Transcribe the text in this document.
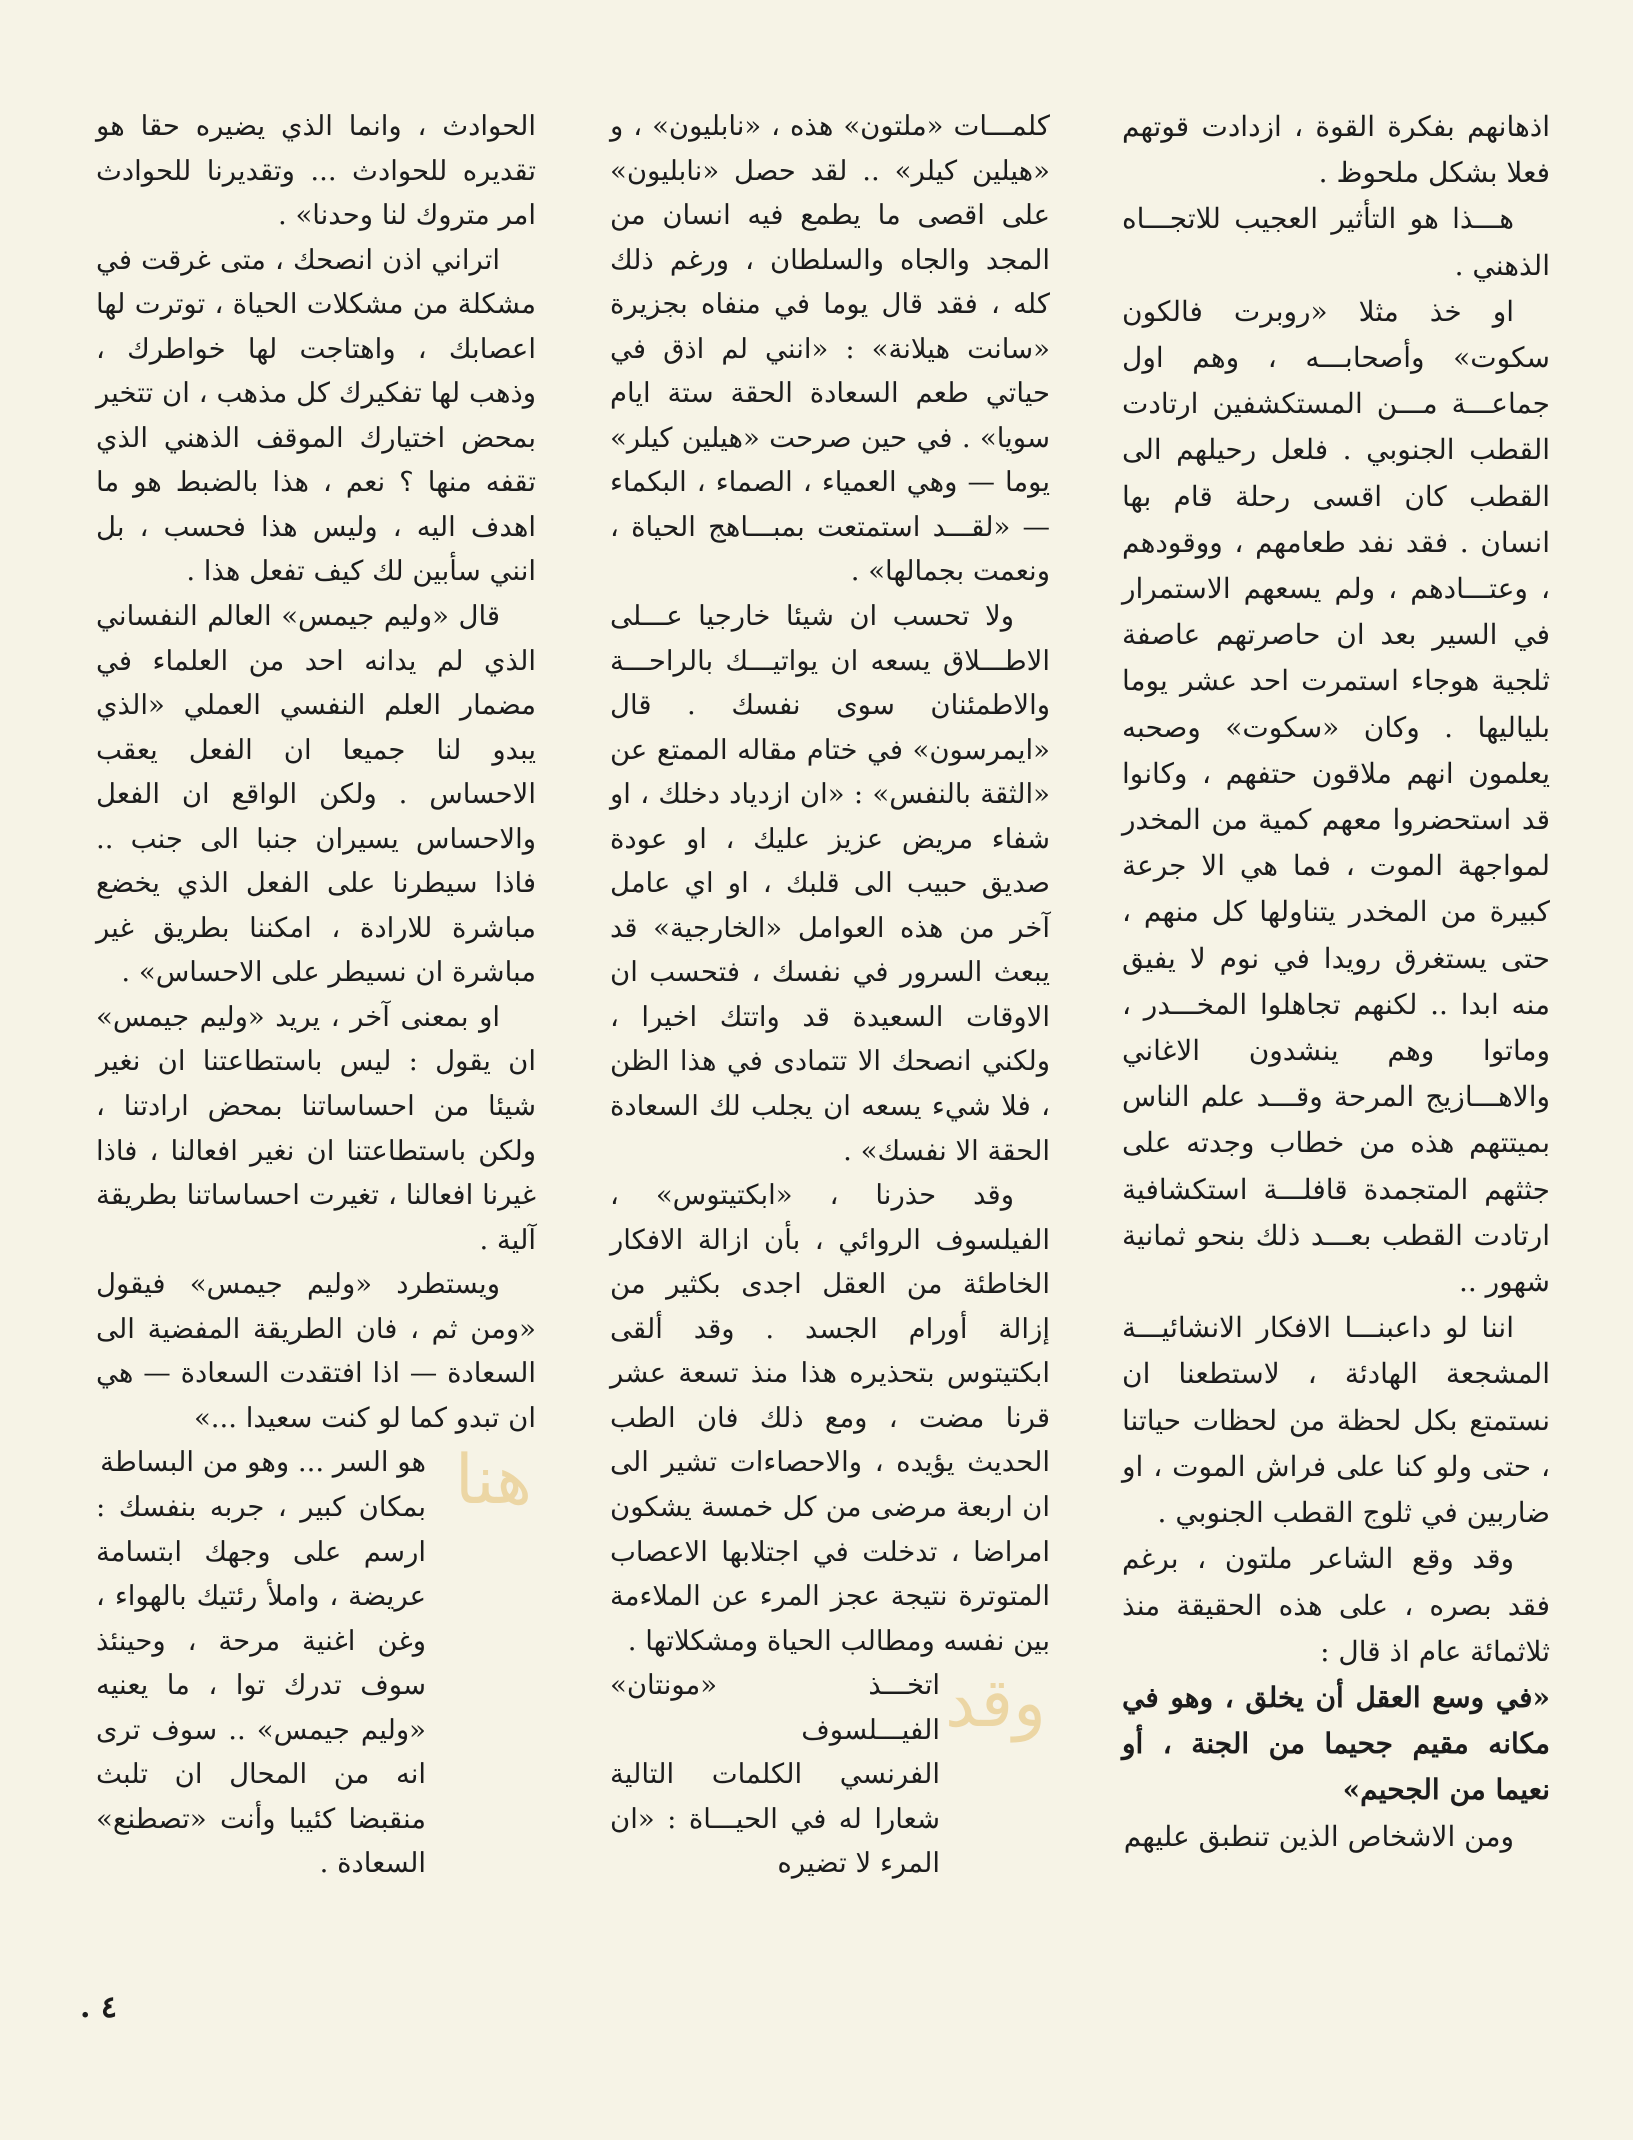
اذهانهم بفكرة القوة ، ازدادت قوتهم فعلا بشكل ملحوظ .

هـــذا هو التأثير العجيب للاتجـــاه الذهني .

او خذ مثلا «روبرت فالكون سكوت» وأصحابـــه ، وهم اول جماعـــة مـــن المستكشفين ارتادت القطب الجنوبي . فلعل رحيلهم الى القطب كان اقسى رحلة قام بها انسان . فقد نفد طعامهم ، ووقودهم ، وعتـــادهم ، ولم يسعهم الاستمرار في السير بعد ان حاصرتهم عاصفة ثلجية هوجاء استمرت احد عشر يوما بلياليها . وكان «سكوت» وصحبه يعلمون انهم ملاقون حتفهم ، وكانوا قد استحضروا معهم كمية من المخدر لمواجهة الموت ، فما هي الا جرعة كبيرة من المخدر يتناولها كل منهم ، حتى يستغرق رويدا في نوم لا يفيق منه ابدا .. لكنهم تجاهلوا المخـــدر ، وماتوا وهم ينشدون الاغاني والاهـــازيج المرحة وقـــد علم الناس بميتتهم هذه من خطاب وجدته على جثثهم المتجمدة قافلـــة استكشافية ارتادت القطب بعـــد ذلك بنحو ثمانية شهور ..

اننا لو داعبنـــا الافكار الانشائيـــة المشجعة الهادئة ، لاستطعنا ان نستمتع بكل لحظة من لحظات حياتنا ، حتى ولو كنا على فراش الموت ، او ضاربين في ثلوج القطب الجنوبي .

وقد وقع الشاعر ملتون ، برغم فقد بصره ، على هذه الحقيقة منذ ثلاثمائة عام اذ قال :

«في وسع العقل أن يخلق ، وهو في مكانه مقيم جحيما من الجنة ، أو نعيما من الجحيم»

ومن الاشخاص الذين تنطبق عليهم

كلمـــات «ملتون» هذه ، «نابليون» ، و «هيلين كيلر» .. لقد حصل «نابليون» على اقصى ما يطمع فيه انسان من المجد والجاه والسلطان ، ورغم ذلك كله ، فقد قال يوما في منفاه بجزيرة «سانت هيلانة» : «انني لم اذق في حياتي طعم السعادة الحقة ستة ايام سويا» . في حين صرحت «هيلين كيلر» يوما — وهي العمياء ، الصماء ، البكماء — «لقـــد استمتعت بمبـــاهج الحياة ، ونعمت بجمالها» .

ولا تحسب ان شيئا خارجيا عـــلى الاطـــلاق يسعه ان يواتيـــك بالراحـــة والاطمئنان سوى نفسك . قال «ايمرسون» في ختام مقاله الممتع عن «الثقة بالنفس» : «ان ازدياد دخلك ، او شفاء مريض عزيز عليك ، او عودة صديق حبيب الى قلبك ، او اي عامل آخر من هذه العوامل «الخارجية» قد يبعث السرور في نفسك ، فتحسب ان الاوقات السعيدة قد واتتك اخيرا ، ولكني انصحك الا تتمادى في هذا الظن ، فلا شيء يسعه ان يجلب لك السعادة الحقة الا نفسك» .

وقد حذرنا ، «ابكتيتوس» ، الفيلسوف الروائي ، بأن ازالة الافكار الخاطئة من العقل اجدى بكثير من إزالة أورام الجسد . وقد ألقى ابكتيتوس بتحذيره هذا منذ تسعة عشر قرنا مضت ، ومع ذلك فان الطب الحديث يؤيده ، والاحصاءات تشير الى ان اربعة مرضى من كل خمسة يشكون امراضا ، تدخلت في اجتلابها الاعصاب المتوترة نتيجة عجز المرء عن الملاءمة بين نفسه ومطالب الحياة ومشكلاتها .

وقد

اتخـــذ «مونتان» الفيـــلسوف

الفرنسي الكلمات التالية شعارا له في الحيـــاة : «ان المرء لا تضيره

الحوادث ، وانما الذي يضيره حقا هو تقديره للحوادث ... وتقديرنا للحوادث امر متروك لنا وحدنا» .

اتراني اذن انصحك ، متى غرقت في مشكلة من مشكلات الحياة ، توترت لها اعصابك ، واهتاجت لها خواطرك ، وذهب لها تفكيرك كل مذهب ، ان تتخير بمحض اختيارك الموقف الذهني الذي تقفه منها ؟ نعم ، هذا بالضبط هو ما اهدف اليه ، وليس هذا فحسب ، بل انني سأبين لك كيف تفعل هذا .

قال «وليم جيمس» العالم النفساني الذي لم يدانه احد من العلماء في مضمار العلم النفسي العملي «الذي يبدو لنا جميعا ان الفعل يعقب الاحساس . ولكن الواقع ان الفعل والاحساس يسيران جنبا الى جنب .. فاذا سيطرنا على الفعل الذي يخضع مباشرة للارادة ، امكننا بطريق غير مباشرة ان نسيطر على الاحساس» .

او بمعنى آخر ، يريد «وليم جيمس» ان يقول : ليس باستطاعتنا ان نغير شيئا من احساساتنا بمحض ارادتنا ، ولكن باستطاعتنا ان نغير افعالنا ، فاذا غيرنا افعالنا ، تغيرت احساساتنا بطريقة آلية .

ويستطرد «وليم جيمس» فيقول «ومن ثم ، فان الطريقة المفضية الى السعادة — اذا افتقدت السعادة — هي ان تبدو كما لو كنت سعيدا ...»

هنا

هو السر ... وهو من البساطة

بمكان كبير ، جربه بنفسك : ارسم على وجهك ابتسامة عريضة ، واملأ رئتيك بالهواء ، وغن اغنية مرحة ، وحينئذ سوف تدرك توا ، ما يعنيه «وليم جيمس» .. سوف ترى انه من المحال ان تلبث منقبضا كئيبا وأنت «تصطنع» السعادة .

٤ .
